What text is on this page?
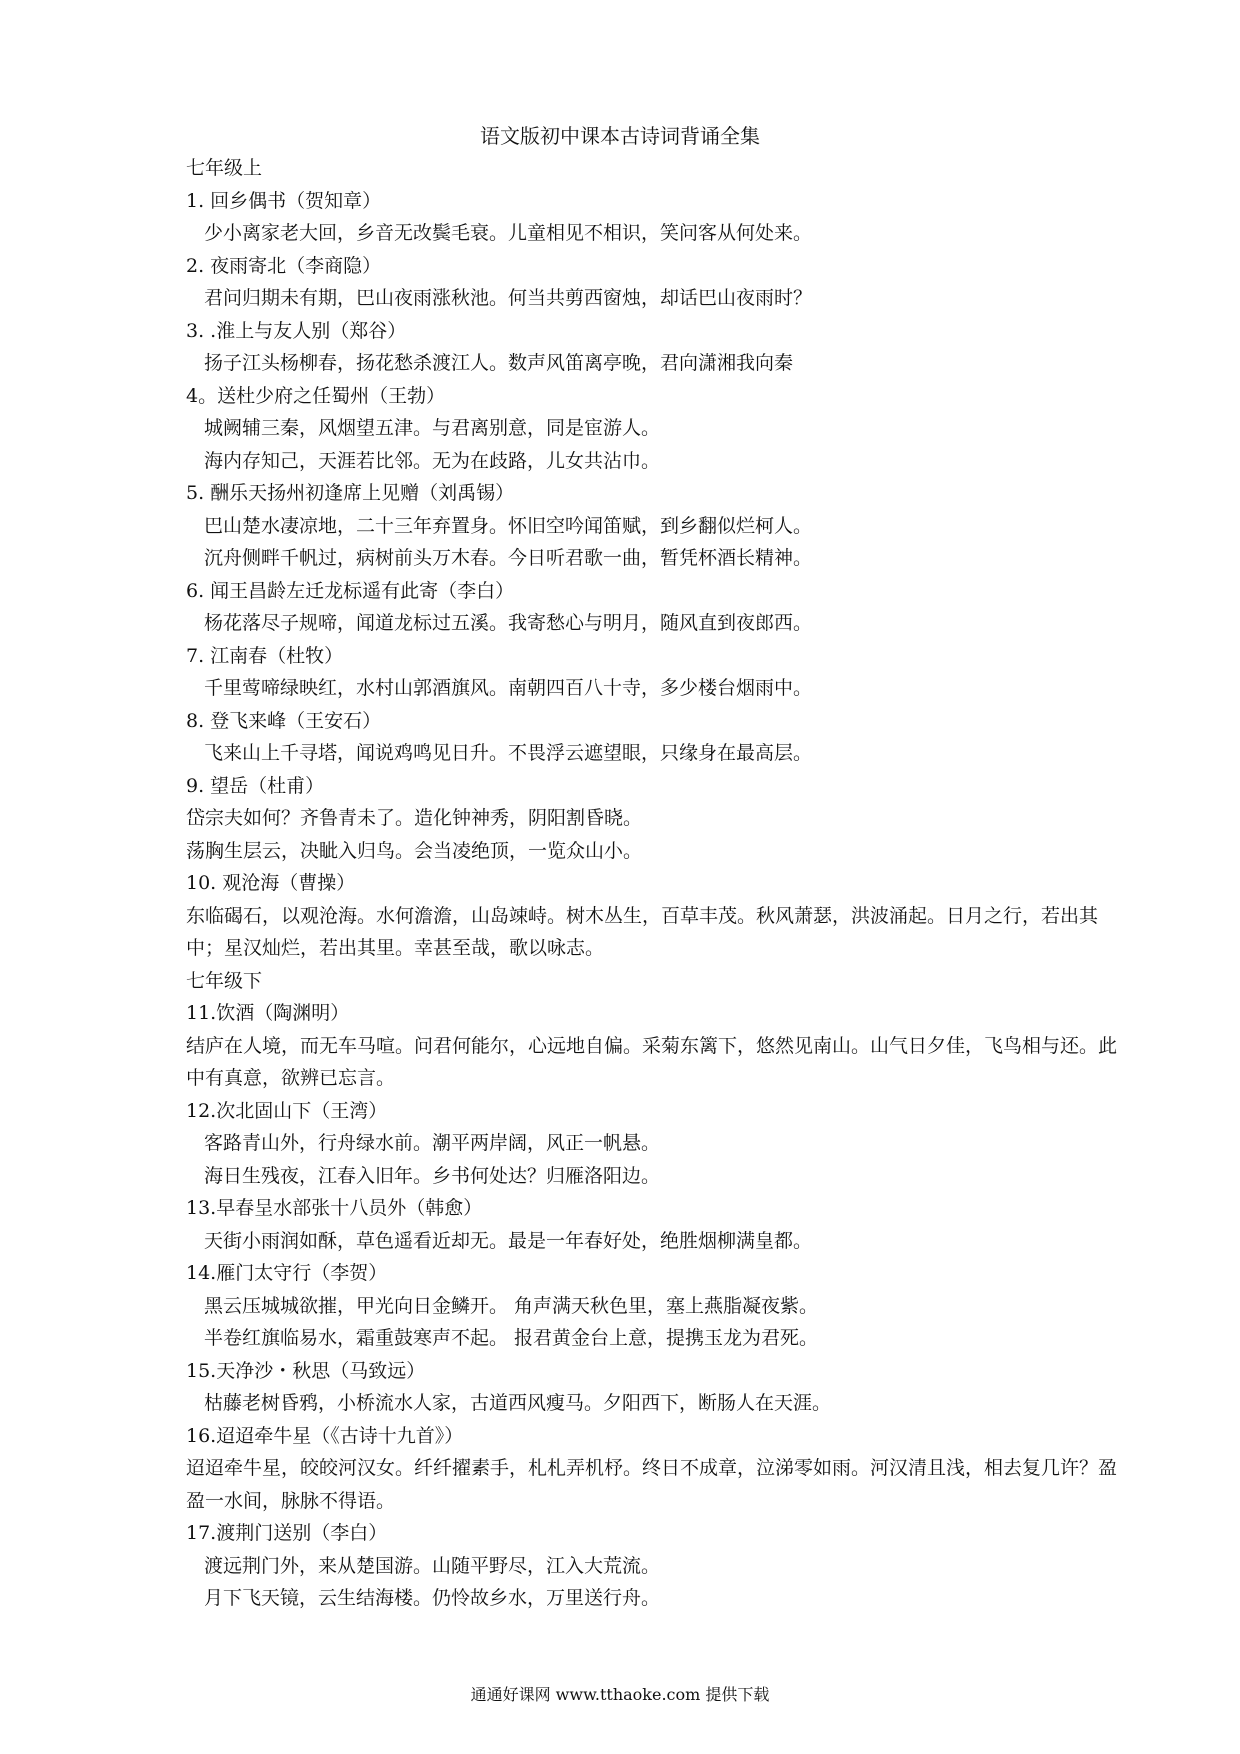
语文版初中课本古诗词背诵全集
七年级上
1. 回乡偶书（贺知章）
少小离家老大回，乡音无改鬓毛衰。儿童相见不相识，笑问客从何处来。
2. 夜雨寄北（李商隐）
君问归期未有期，巴山夜雨涨秋池。何当共剪西窗烛，却话巴山夜雨时？
3. .淮上与友人别（郑谷）
扬子江头杨柳春，扬花愁杀渡江人。数声风笛离亭晚，君向潇湘我向秦
4。送杜少府之任蜀州（王勃）
城阙辅三秦，风烟望五津。与君离别意，同是宦游人。
海内存知己，天涯若比邻。无为在歧路，儿女共沾巾。
5. 酬乐天扬州初逢席上见赠（刘禹锡）
巴山楚水凄凉地，二十三年弃置身。怀旧空吟闻笛赋，到乡翻似烂柯人。
沉舟侧畔千帆过，病树前头万木春。今日听君歌一曲，暂凭杯酒长精神。
6. 闻王昌龄左迁龙标遥有此寄（李白）
杨花落尽子规啼，闻道龙标过五溪。我寄愁心与明月，随风直到夜郎西。
7. 江南春（杜牧）
千里莺啼绿映红，水村山郭酒旗风。南朝四百八十寺，多少楼台烟雨中。
8. 登飞来峰（王安石）
飞来山上千寻塔，闻说鸡鸣见日升。不畏浮云遮望眼，只缘身在最高层。
9. 望岳（杜甫）
岱宗夫如何？齐鲁青未了。造化钟神秀，阴阳割昏晓。
荡胸生层云，决眦入归鸟。会当凌绝顶，一览众山小。
10. 观沧海（曹操）
东临碣石，以观沧海。水何澹澹，山岛竦峙。树木丛生，百草丰茂。秋风萧瑟，洪波涌起。日月之行，若出其中；星汉灿烂，若出其里。幸甚至哉，歌以咏志。
七年级下
11.饮酒（陶渊明）
结庐在人境，而无车马喧。问君何能尔，心远地自偏。采菊东篱下，悠然见南山。山气日夕佳，飞鸟相与还。此中有真意，欲辨已忘言。
12.次北固山下（王湾）
客路青山外，行舟绿水前。潮平两岸阔，风正一帆悬。
海日生残夜，江春入旧年。乡书何处达？归雁洛阳边。
13.早春呈水部张十八员外（韩愈）
天街小雨润如酥，草色遥看近却无。最是一年春好处，绝胜烟柳满皇都。
14.雁门太守行（李贺）
黑云压城城欲摧，甲光向日金鳞开。 角声满天秋色里，塞上燕脂凝夜紫。
半卷红旗临易水，霜重鼓寒声不起。 报君黄金台上意，提携玉龙为君死。
15.天净沙・秋思（马致远）
枯藤老树昏鸦，小桥流水人家，古道西风瘦马。夕阳西下，断肠人在天涯。
16.迢迢牵牛星（《古诗十九首》）
迢迢牵牛星，皎皎河汉女。纤纤擢素手，札札弄机杼。终日不成章，泣涕零如雨。河汉清且浅，相去复几许？盈盈一水间，脉脉不得语。
17.渡荆门送别（李白）
渡远荆门外，来从楚国游。山随平野尽，江入大荒流。
月下飞天镜，云生结海楼。仍怜故乡水，万里送行舟。
通通好课网 www.tthaoke.com 提供下载
